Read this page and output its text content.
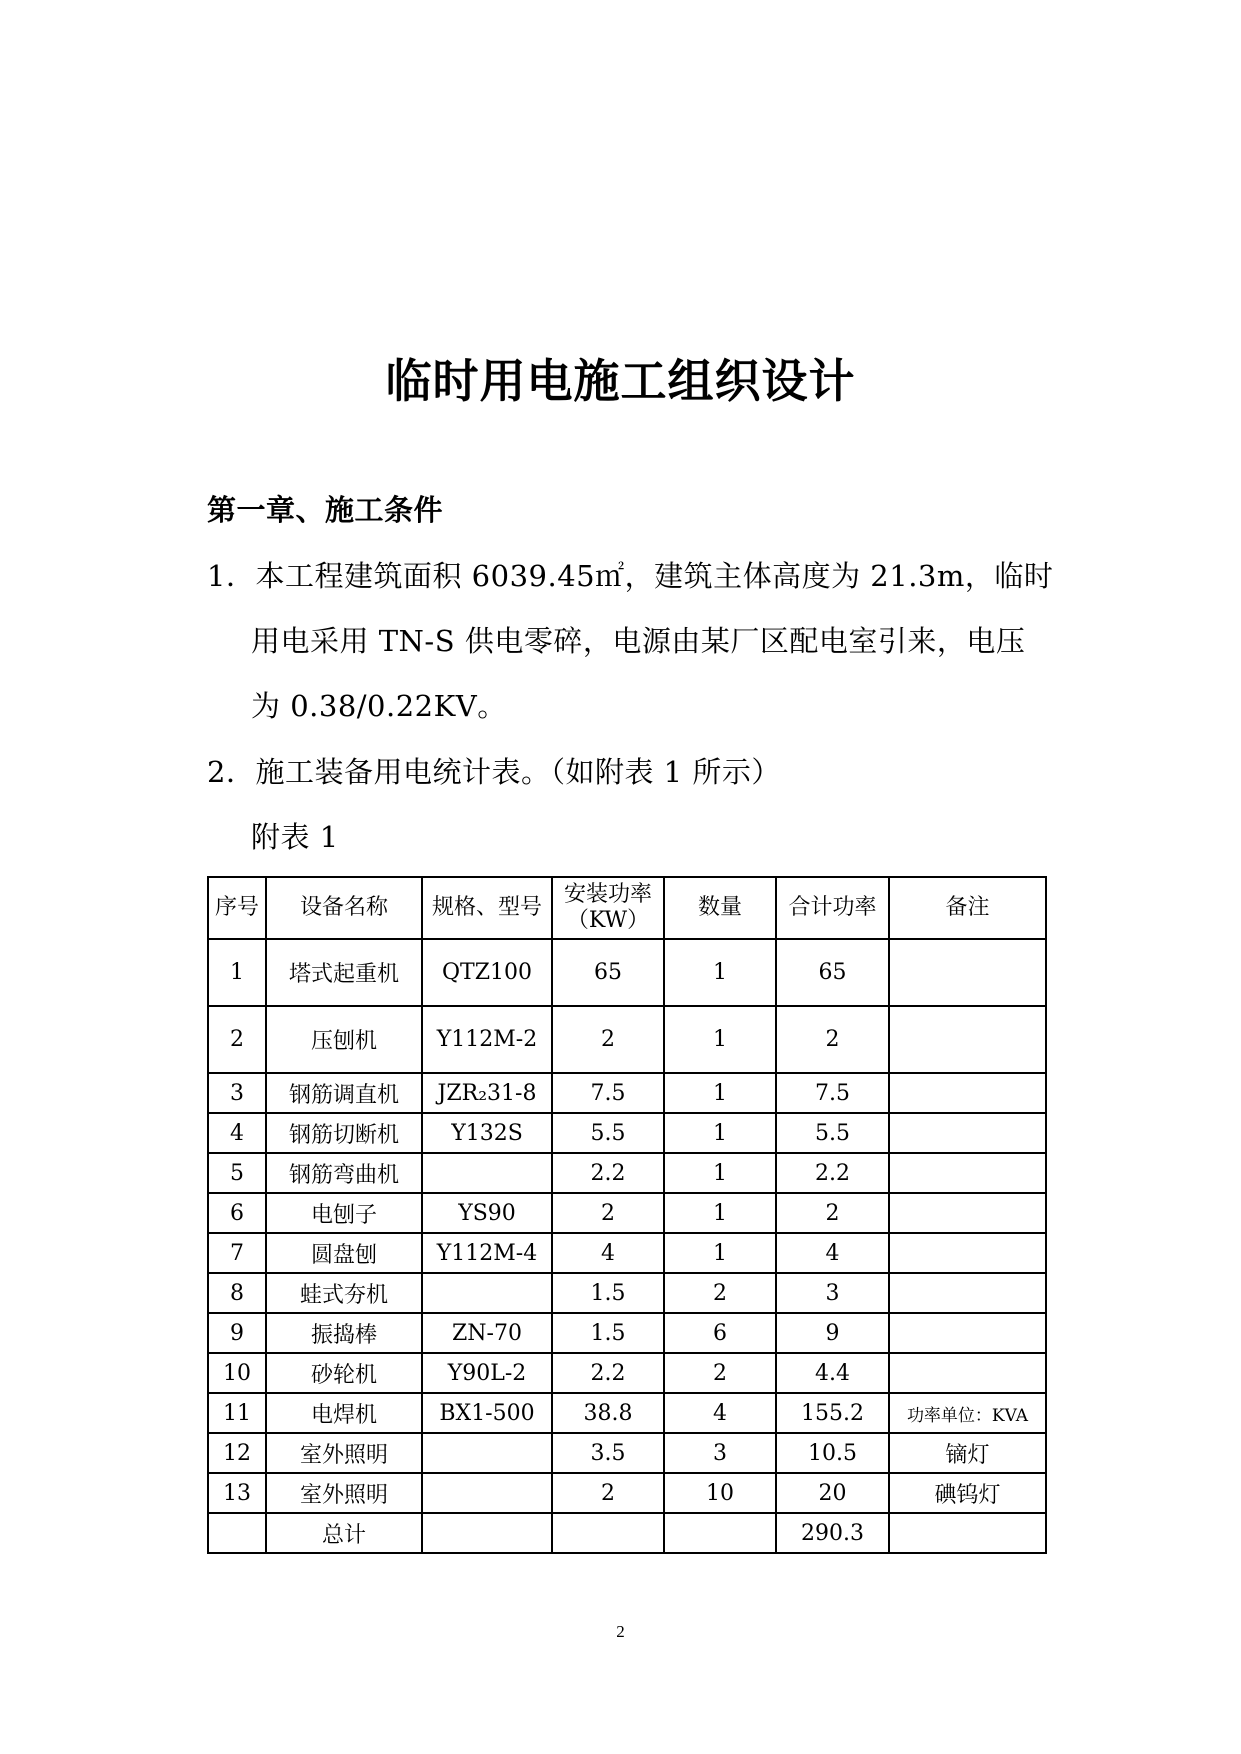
临时用电施工组织设计
第一章、施工条件
1．本工程建筑面积 6039.45㎡，建筑主体高度为 21.3m，临时
用电采用 TN-S 供电零碎，电源由某厂区配电室引来，电压
为 0.38/0.22KV。
2．施工装备用电统计表。（如附表 1 所示）
附表 1
序号	设备名称	规格、型号	安装功率（KW）	数量	合计功率	备注
1	塔式起重机	QTZ100	65	1	65	
2	压刨机	Y112M-2	2	1	2	
3	钢筋调直机	JZR₂31-8	7.5	1	7.5	
4	钢筋切断机	Y132S	5.5	1	5.5	
5	钢筋弯曲机		2.2	1	2.2	
6	电刨子	YS90	2	1	2	
7	圆盘刨	Y112M-4	4	1	4	
8	蛙式夯机		1.5	2	3	
9	振捣棒	ZN-70	1.5	6	9	
10	砂轮机	Y90L-2	2.2	2	4.4	
11	电焊机	BX1-500	38.8	4	155.2	功率单位：KVA
12	室外照明		3.5	3	10.5	镝灯
13	室外照明		2	10	20	碘钨灯
	总计				290.3	
2
